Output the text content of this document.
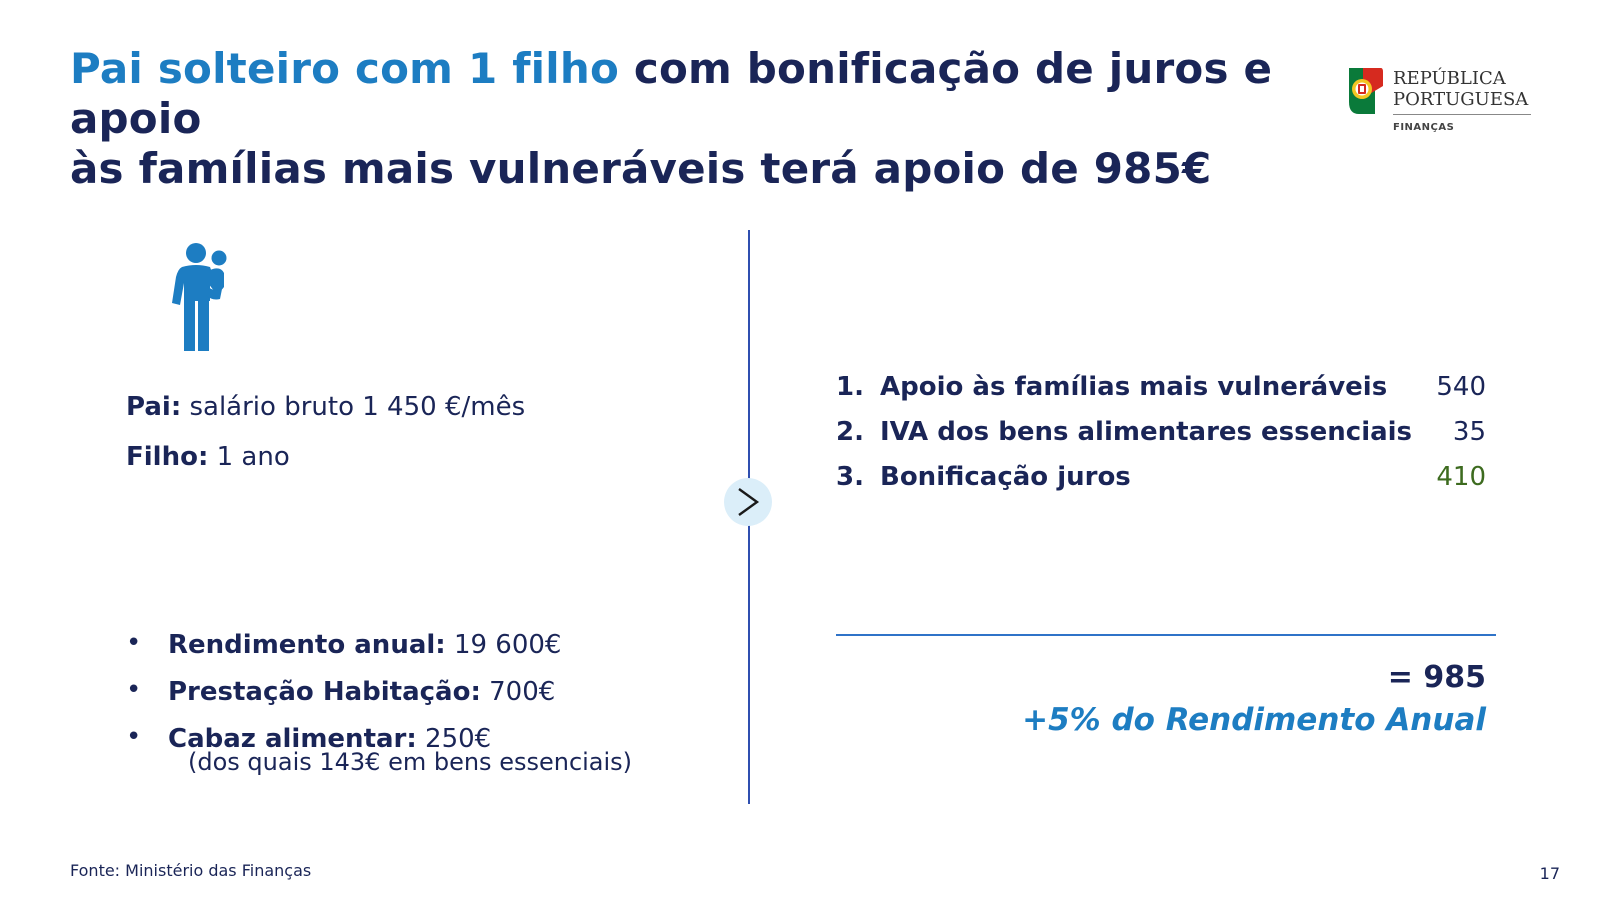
Pai solteiro com 1 filho com bonificação de juros e apoio
às famílias mais vulneráveis terá apoio de 985€
REPÚBLICA
PORTUGUESA
FINANÇAS
Pai: salário bruto 1 450 €/mês
Filho: 1 ano
• Rendimento anual: 19 600€
• Prestação Habitação: 700€
• Cabaz alimentar: 250€
(dos quais 143€ em bens essenciais)
1. Apoio às famílias mais vulneráveis 540
2. IVA dos bens alimentares essenciais 35
3. Bonificação juros	410
= 985
+5% do Rendimento Anual
Fonte: Ministério das Finanças	17
